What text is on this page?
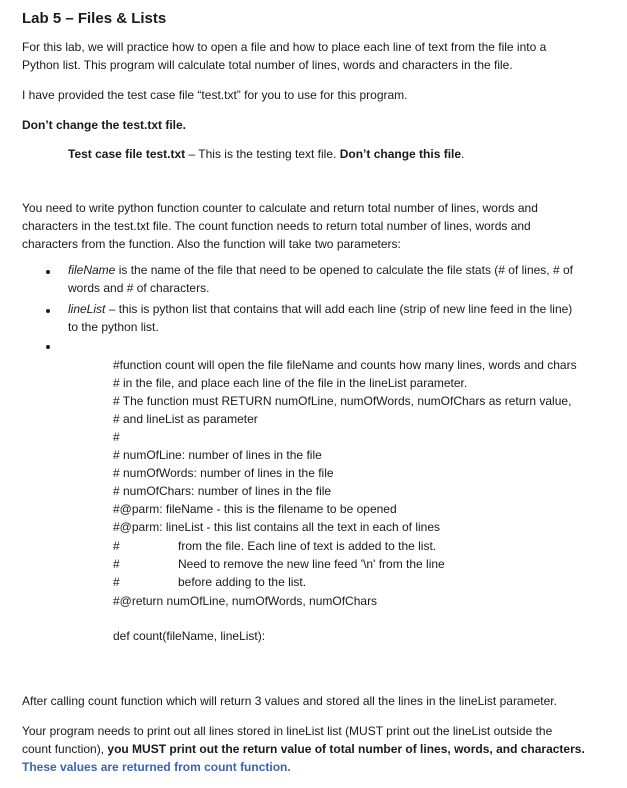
Lab 5 – Files & Lists
For this lab, we will practice how to open a file and how to place each line of text from the file into a
Python list. This program will calculate total number of lines, words and characters in the file.
I have provided the test case file “test.txt” for you to use for this program.
Don’t change the test.txt file.
Test case file test.txt – This is the testing text file. Don’t change this file.
You need to write python function counter to calculate and return total number of lines, words and
characters in the test.txt file. The count function needs to return total number of lines, words and
characters from the function. Also the function will take two parameters:
fileName is the name of the file that need to be opened to calculate the file stats (# of lines, # of
words and # of characters.
lineList – this is python list that contains that will add each line (strip of new line feed in the line)
to the python list.
#function count will open the file fileName and counts how many lines, words and chars
# in the file, and place each line of the file in the lineList parameter.
# The function must RETURN numOfLine, numOfWords, numOfChars as return value,
# and lineList as parameter
#
# numOfLine: number of lines in the file
# numOfWords: number of lines in the file
# numOfChars: number of lines in the file
#@parm: fileName - this is the filename to be opened
#@parm: lineList - this list contains all the text in each of lines
#	from the file. Each line of text is added to the list.
#	Need to remove the new line feed '\n' from the line
#	before adding to the list.
#@return numOfLine, numOfWords, numOfChars
def count(fileName, lineList):
After calling count function which will return 3 values and stored all the lines in the lineList parameter.
Your program needs to print out all lines stored in lineList list (MUST print out the lineList outside the
count function), you MUST print out the return value of total number of lines, words, and characters.
These values are returned from count function.
